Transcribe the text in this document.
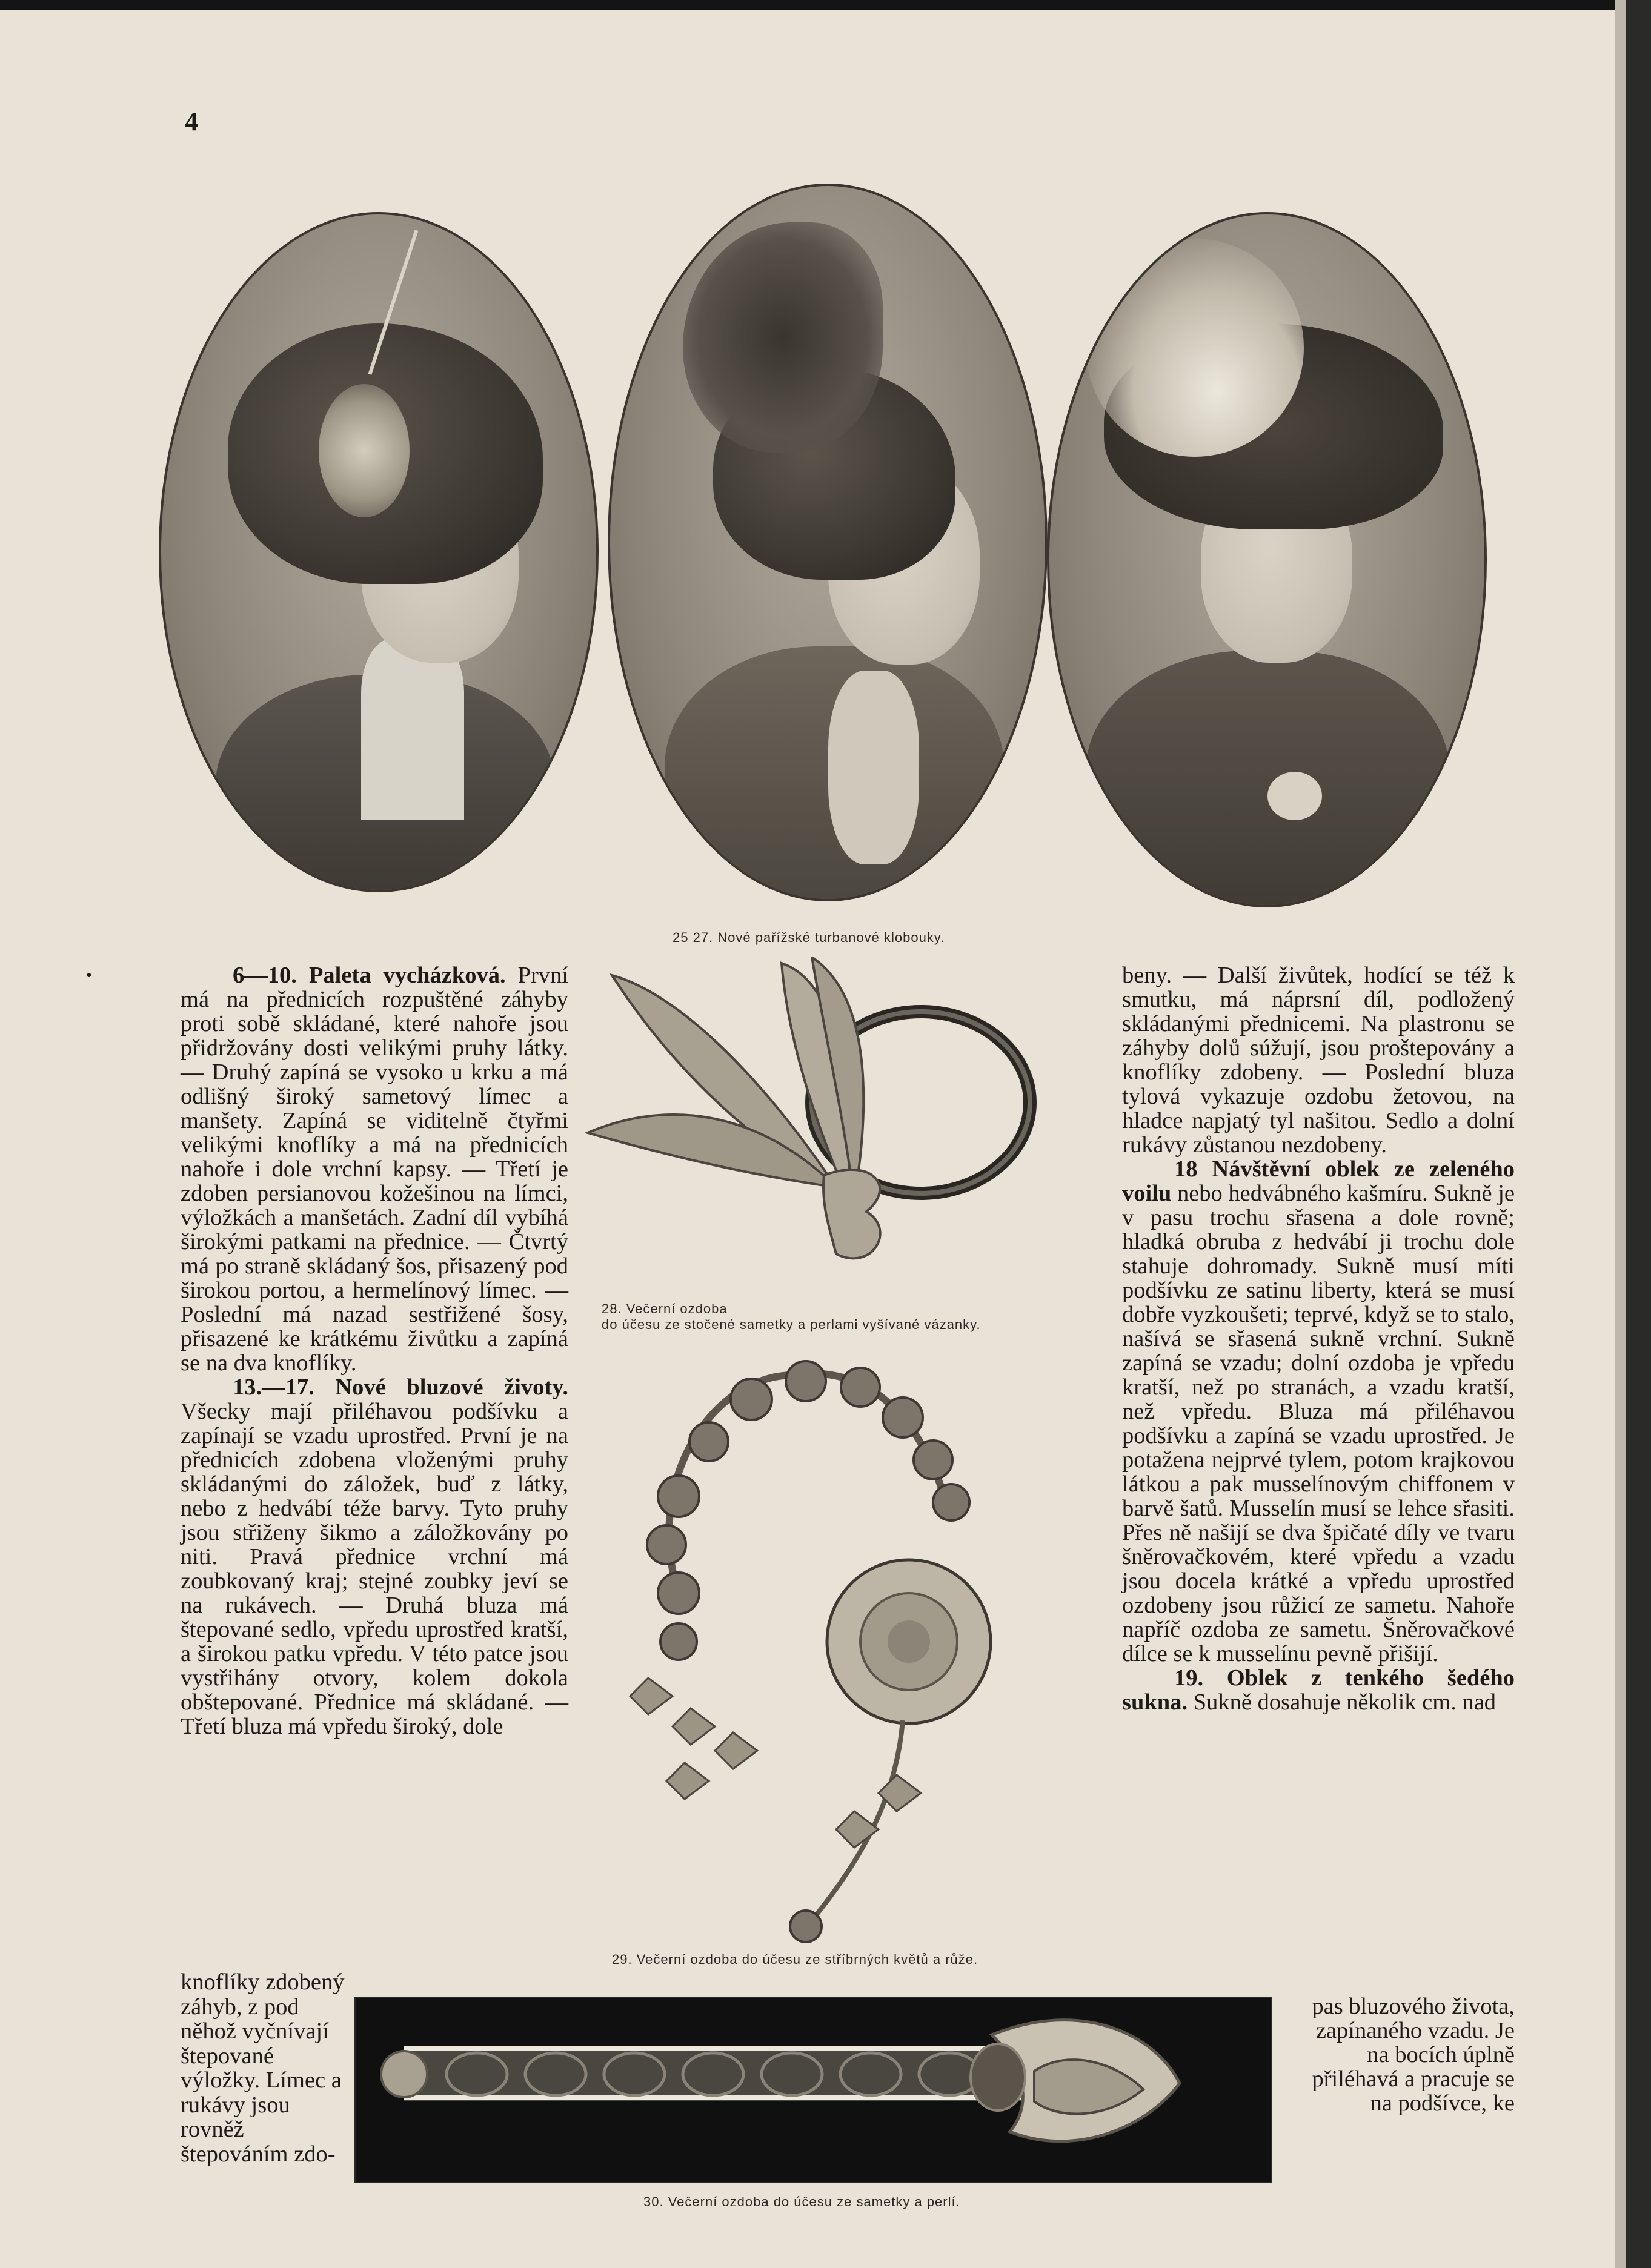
4
•
25 27. Nové pařížské turbanové klobouky.

6—10. Paleta vycházková. První má na přednicích rozpuštěné záhyby proti sobě skládané, které nahoře jsou přidržovány dosti velikými pruhy látky. — Druhý zapíná se vysoko u krku a má odlišný široký sametový límec a manšety. Zapíná se viditelně čtyřmi velikými knoflíky a má na přednicích nahoře i dole vrchní kapsy. — Třetí je zdoben persianovou kožešinou na límci, výložkách a manšetách. Zadní díl vybíhá širokými patkami na přednice. — Čtvrtý má po straně skládaný šos, přisazený pod širokou portou, a hermelínový límec. — Poslední má nazad sestřižené šosy, přisazené ke krátkému živůtku a zapíná se na dva knoflíky.

13.—17. Nové bluzové životy. Všecky mají přiléhavou podšívku a zapínají se vzadu uprostřed. První je na přednicích zdobena vloženými pruhy skládanými do záložek, buď z látky, nebo z hedvábí téže barvy. Tyto pruhy jsou střiženy šikmo a záložkovány po niti. Pravá přednice vrchní má zoubkovaný kraj; stejné zoubky jeví se na rukávech. — Druhá bluza má štepované sedlo, vpředu uprostřed kratší, a širokou patku vpředu. V této patce jsou vystřihány otvory, kolem dokola obštepované. Přednice má skládané. — Třetí bluza má vpředu široký, dole

knoflíky zdobený záhyb, z pod něhož vyčnívají štepované výložky. Límec a rukávy jsou rovněž štepováním zdo-

beny. — Další živůtek, hodící se též k smutku, má náprsní díl, podložený skládanými přednicemi. Na plastronu se záhyby dolů súžují, jsou proštepovány a knoflíky zdobeny. — Poslední bluza tylová vykazuje ozdobu žetovou, na hladce napjatý tyl našitou. Sedlo a dolní rukávy zůstanou nezdobeny.

18 Návštěvní oblek ze zeleného voilu nebo hedvábného kašmíru. Sukně je v pasu trochu sřasena a dole rovně; hladká obruba z hedvábí ji trochu dole stahuje dohromady. Sukně musí míti podšívku ze satinu liberty, která se musí dobře vyzkoušeti; teprvé, když se to stalo, našívá se sřasená sukně vrchní. Sukně zapíná se vzadu; dolní ozdoba je vpředu kratší, než po stranách, a vzadu kratší, než vpředu. Bluza má přiléhavou podšívku a zapíná se vzadu uprostřed. Je potažena nejprvé tylem, potom krajkovou látkou a pak musselínovým chiffonem v barvě šatů. Musselín musí se lehce sřasiti. Přes ně našijí se dva špičaté díly ve tvaru šněrovačkovém, které vpředu a vzadu jsou docela krátké a vpředu uprostřed ozdobeny jsou růžicí ze sametu. Nahoře napříč ozdoba ze sametu. Šněrovačkové dílce se k musselínu pevně přišijí.

19. Oblek z tenkého šedého sukna. Sukně dosahuje několik cm. nad

pas bluzového života, zapínaného vzadu. Je na bocích úplně přiléhavá a pracuje se na podšívce, ke
28. Večerní ozdoba
do účesu ze stočené sametky a perlami vyšívané vázanky.
29. Večerní ozdoba do účesu ze stříbrných květů a růže.
30. Večerní ozdoba do účesu ze sametky a perlí.
